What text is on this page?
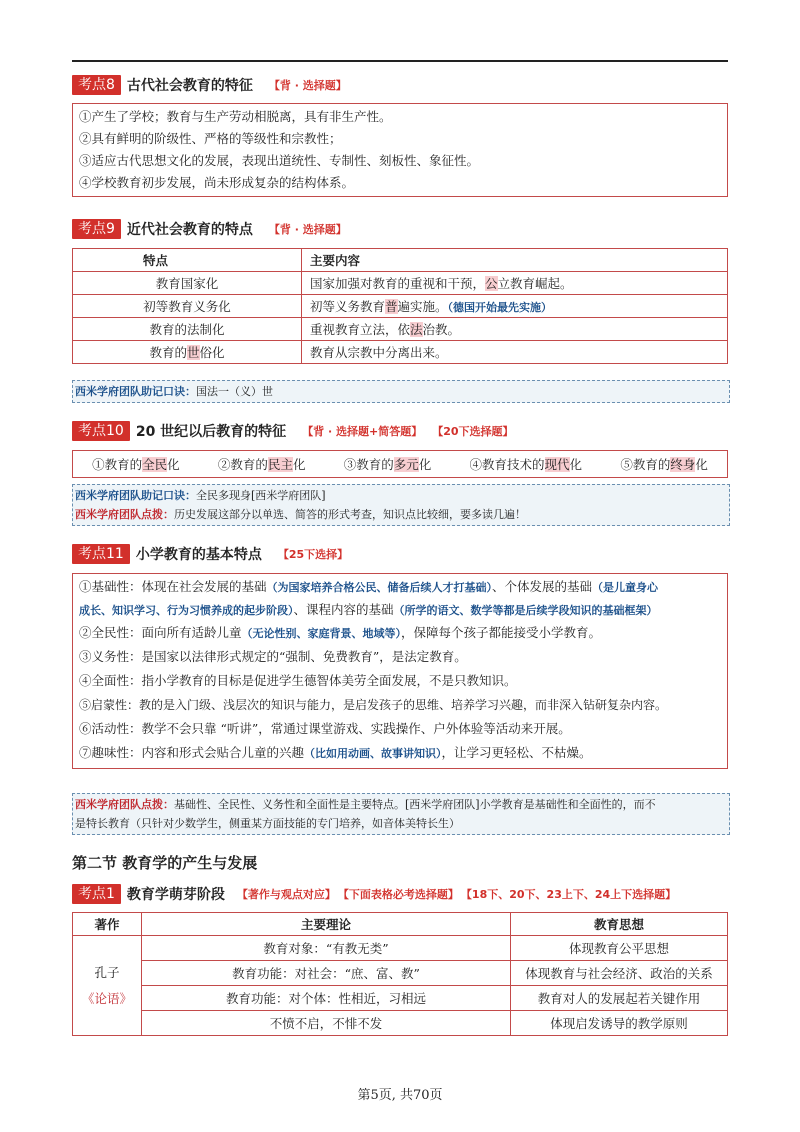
考点8 古代社会教育的特征 【背 · 选择题】
①产生了学校；教育与生产劳动相脱离，具有非生产性。
②具有鲜明的阶级性、严格的等级性和宗教性；
③适应古代思想文化的发展，表现出道统性、专制性、刻板性、象征性。
④学校教育初步发展，尚未形成复杂的结构体系。
考点9 近代社会教育的特点 【背 · 选择题】
特点	主要内容
教育国家化	国家加强对教育的重视和干预，公立教育崛起。
初等教育义务化	初等义务教育普遍实施。（德国开始最先实施）
教育的法制化	重视教育立法，依法治教。
教育的世俗化	教育从宗教中分离出来。
西米学府团队助记口诀：国法一（义）世
考点10 20 世纪以后教育的特征 【背 · 选择题+简答题】 【20下选择题】
①教育的全民化	②教育的民主化	③教育的多元化	④教育技术的现代化	⑤教育的终身化
西米学府团队助记口诀：全民多现身[西米学府团队]
西米学府团队点拨：历史发展这部分以单选、简答的形式考查，知识点比较细，要多读几遍！
考点11 小学教育的基本特点 【25下选择】
①基础性：体现在社会发展的基础（为国家培养合格公民、储备后续人才打基础）、个体发展的基础（是儿童身心
成长、知识学习、行为习惯养成的起步阶段）、课程内容的基础（所学的语文、数学等都是后续学段知识的基础框架）
②全民性：面向所有适龄儿童（无论性别、家庭背景、地域等），保障每个孩子都能接受小学教育。
③义务性：是国家以法律形式规定的“强制、免费教育”，是法定教育。
④全面性：指小学教育的目标是促进学生德智体美劳全面发展，不是只教知识。
⑤启蒙性：教的是入门级、浅层次的知识与能力，是启发孩子的思维、培养学习兴趣，而非深入钻研复杂内容。
⑥活动性：教学不会只靠 “听讲”，常通过课堂游戏、实践操作、户外体验等活动来开展。
⑦趣味性：内容和形式会贴合儿童的兴趣（比如用动画、故事讲知识），让学习更轻松、不枯燥。
西米学府团队点拨：基础性、全民性、义务性和全面性是主要特点。[西米学府团队]小学教育是基础性和全面性的，而不
是特长教育（只针对少数学生，侧重某方面技能的专门培养，如音体美特长生）
第二节 教育学的产生与发展
考点1 教育学萌芽阶段 【著作与观点对应】 【下面表格必考选择题】 【18下、20下、23上下、24上下选择题】
著作	主要理论	教育思想

孔子
《论语》	教育对象：“有教无类”	体现教育公平思想
	教育功能：对社会：“庶、富、教”	体现教育与社会经济、政治的关系
	教育功能：对个体：性相近，习相远	教育对人的发展起若关键作用
	不愤不启，不悱不发	体现启发诱导的教学原则
第5页, 共70页
